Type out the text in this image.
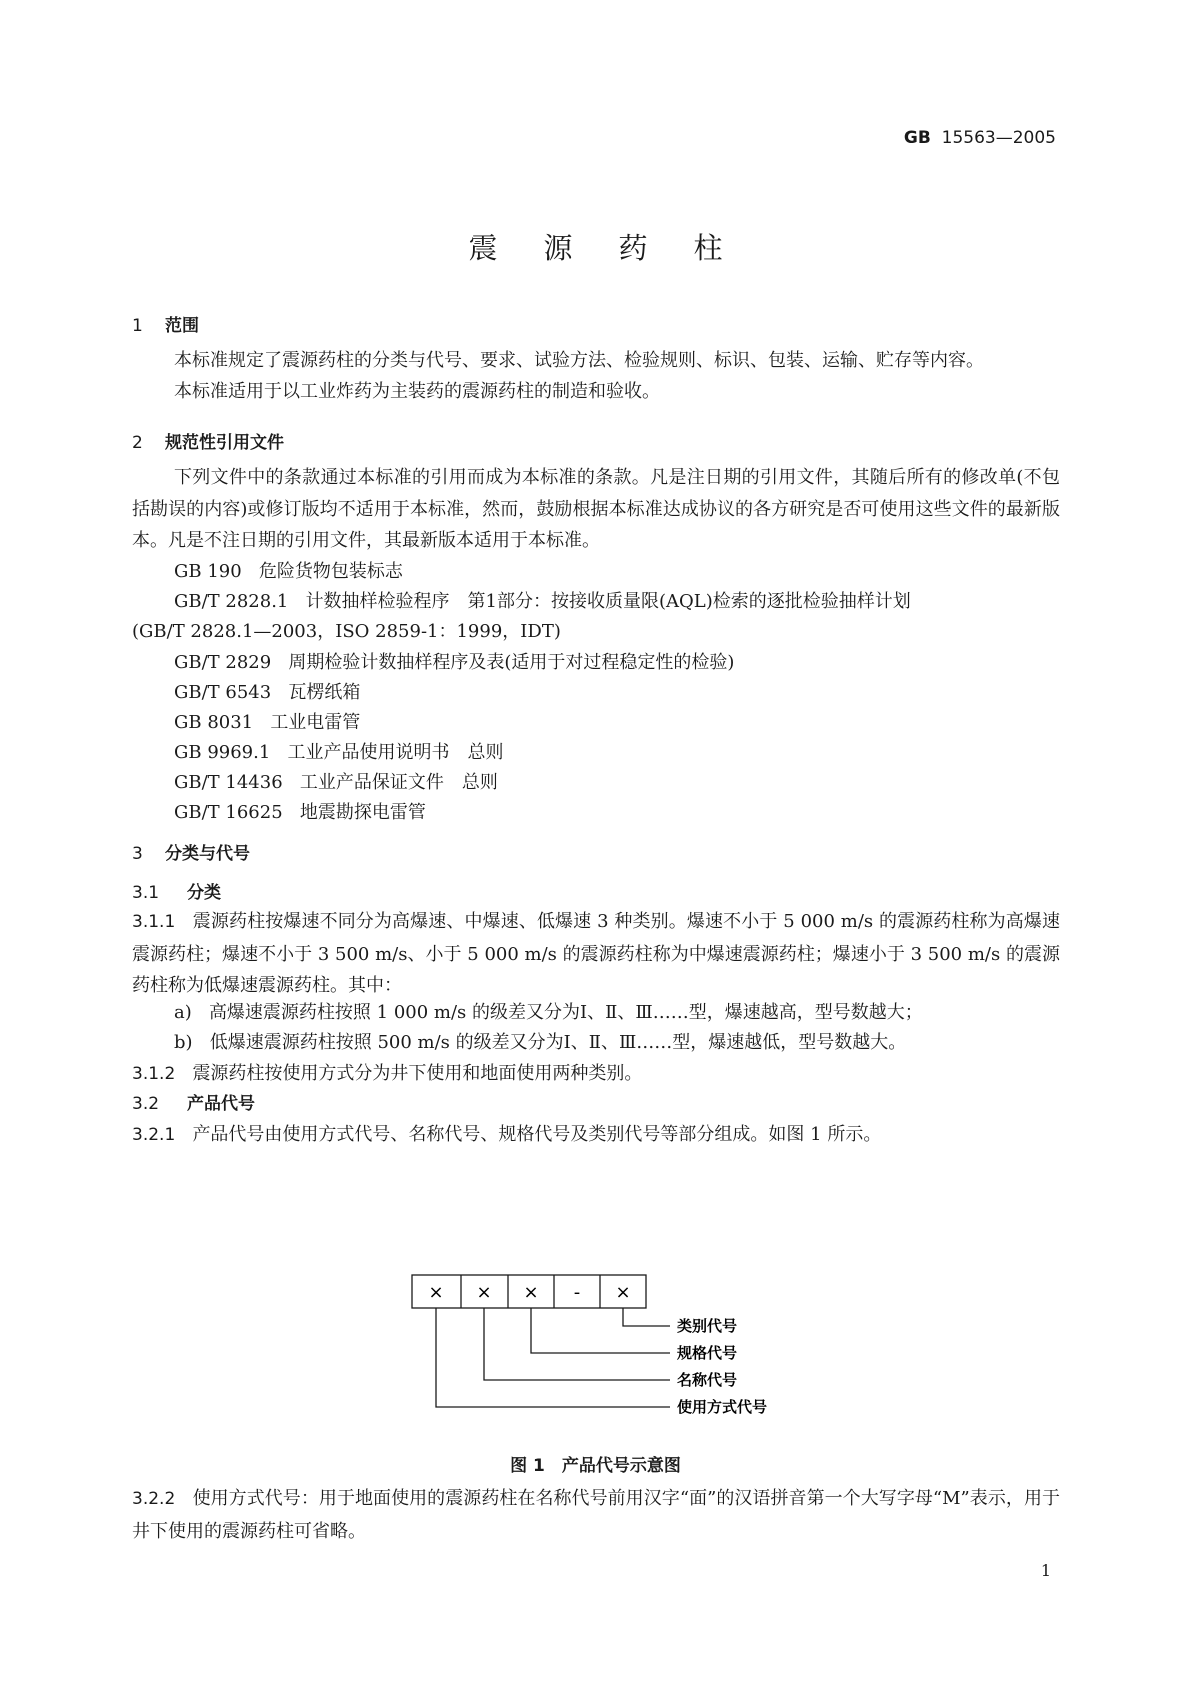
GB 15563—2005
震源药柱
1 范围
本标准规定了震源药柱的分类与代号、要求、试验方法、检验规则、标识、包装、运输、贮存等内容。
本标准适用于以工业炸药为主装药的震源药柱的制造和验收。
2 规范性引用文件
下列文件中的条款通过本标准的引用而成为本标准的条款。凡是注日期的引用文件，其随后所有的修改单(不包括勘误的内容)或修订版均不适用于本标准，然而，鼓励根据本标准达成协议的各方研究是否可使用这些文件的最新版本。凡是不注日期的引用文件，其最新版本适用于本标准。
GB 190 危险货物包装标志
GB/T 2828.1 计数抽样检验程序　第1部分：按接收质量限(AQL)检索的逐批检验抽样计划
(GB/T 2828.1—2003，ISO 2859-1：1999，IDT)
GB/T 2829 周期检验计数抽样程序及表(适用于对过程稳定性的检验)
GB/T 6543 瓦楞纸箱
GB 8031 工业电雷管
GB 9969.1 工业产品使用说明书　总则
GB/T 14436 工业产品保证文件　总则
GB/T 16625 地震勘探电雷管
3 分类与代号
3.1 分类
3.1.1 震源药柱按爆速不同分为高爆速、中爆速、低爆速 3 种类别。爆速不小于 5 000 m/s 的震源药柱称为高爆速震源药柱；爆速不小于 3 500 m/s、小于 5 000 m/s 的震源药柱称为中爆速震源药柱；爆速小于 3 500 m/s 的震源药柱称为低爆速震源药柱。其中：
a) 高爆速震源药柱按照 1 000 m/s 的级差又分为Ⅰ、Ⅱ、Ⅲ……型，爆速越高，型号数越大；
b) 低爆速震源药柱按照 500 m/s 的级差又分为Ⅰ、Ⅱ、Ⅲ……型，爆速越低，型号数越大。
3.1.2 震源药柱按使用方式分为井下使用和地面使用两种类别。
3.2 产品代号
3.2.1 产品代号由使用方式代号、名称代号、规格代号及类别代号等部分组成。如图 1 所示。
× × × - ×
类别代号
规格代号
名称代号
使用方式代号
图 1　产品代号示意图
3.2.2 使用方式代号：用于地面使用的震源药柱在名称代号前用汉字“面”的汉语拼音第一个大写字母“M”表示，用于井下使用的震源药柱可省略。
1
